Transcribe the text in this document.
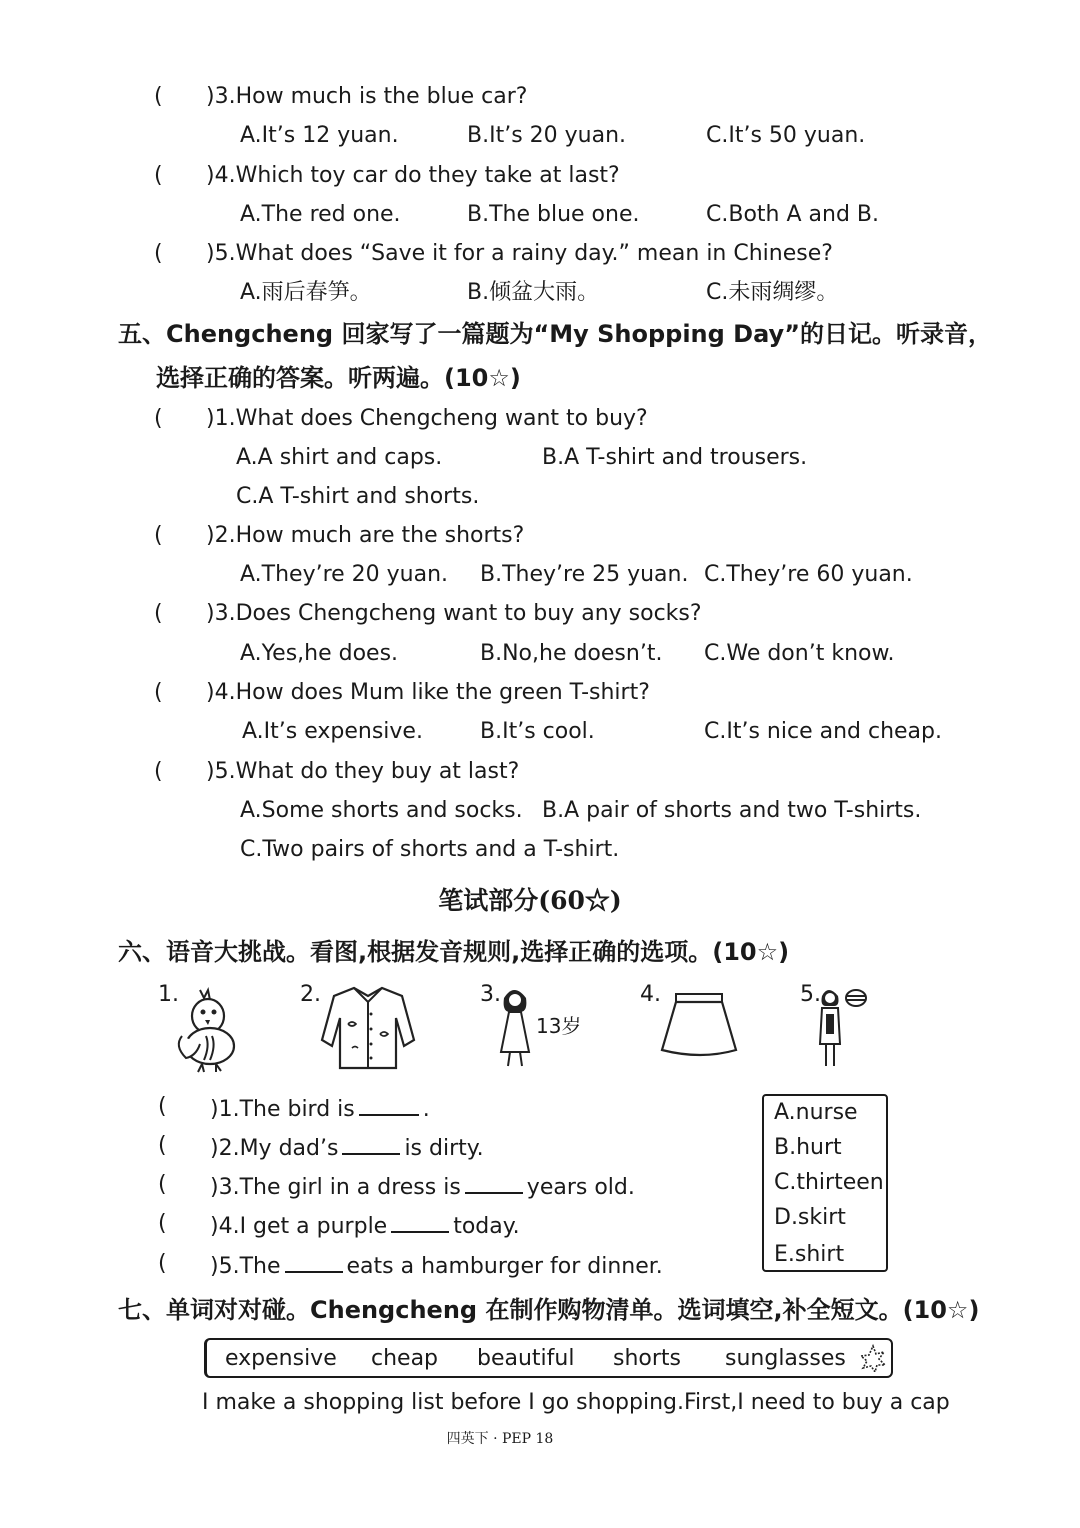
( )3.How much is the blue car?
A.It’s 12 yuan.	B.It’s 20 yuan.	C.It’s 50 yuan.
( )4.Which toy car do they take at last?
A.The red one.	B.The blue one.	C.Both A and B.
( )5.What does “Save it for a rainy day.” mean in Chinese?
A.雨后春笋。	B.倾盆大雨。	C.未雨绸缪。
五、Chengcheng 回家写了一篇题为“My Shopping Day”的日记。听录音，
选择正确的答案。听两遍。(10☆)
( )1.What does Chengcheng want to buy?
A.A shirt and caps.	B.A T-shirt and trousers.
C.A T-shirt and shorts.
( )2.How much are the shorts?
A.They’re 20 yuan. B.They’re 25 yuan. C.They’re 60 yuan.
( )3.Does Chengcheng want to buy any socks?
A.Yes,he does.	B.No,he doesn’t. C.We don’t know.
( )4.How does Mum like the green T-shirt?
A.It’s expensive.	B.It’s cool.	C.It’s nice and cheap.
( )5.What do they buy at last?
A.Some shorts and socks. B.A pair of shorts and two T-shirts.
C.Two pairs of shorts and a T-shirt.
笔试部分(60☆)
六、语音大挑战。看图,根据发音规则,选择正确的选项。(10☆)
1.	2.	3.
13岁
4.	5.
( )1.The bird is	.
( )2.My dad’s	is dirty.
( )3.The girl in a dress is	years old.
( )4.I get a purple	today.
( )5.The	eats a hamburger for dinner.
A.nurse
B.hurt
C.thirteen
D.skirt
E.shirt
七、单词对对碰。Chengcheng 在制作购物清单。选词填空,补全短文。(10☆)
expensive cheap beautiful shorts sunglasses
I make a shopping list before I go shopping.First,I need to buy a cap
四英下 · PEP 18
